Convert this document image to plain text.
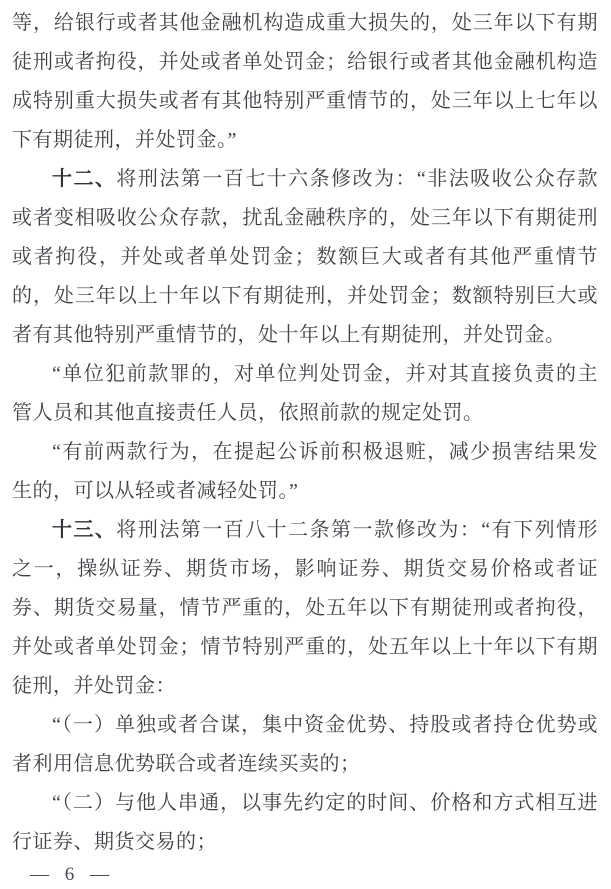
等，给银行或者其他金融机构造成重大损失的，处三年以下有期
徒刑或者拘役，并处或者单处罚金；给银行或者其他金融机构造
成特别重大损失或者有其他特别严重情节的，处三年以上七年以
下有期徒刑，并处罚金。”
十二、将刑法第一百七十六条修改为：“非法吸收公众存款
或者变相吸收公众存款，扰乱金融秩序的，处三年以下有期徒刑
或者拘役，并处或者单处罚金；数额巨大或者有其他严重情节
的，处三年以上十年以下有期徒刑，并处罚金；数额特别巨大或
者有其他特别严重情节的，处十年以上有期徒刑，并处罚金。
“单位犯前款罪的，对单位判处罚金，并对其直接负责的主
管人员和其他直接责任人员，依照前款的规定处罚。
“有前两款行为，在提起公诉前积极退赃，减少损害结果发
生的，可以从轻或者减轻处罚。”
十三、将刑法第一百八十二条第一款修改为：“有下列情形
之一，操纵证券、期货市场，影响证券、期货交易价格或者证
券、期货交易量，情节严重的，处五年以下有期徒刑或者拘役，
并处或者单处罚金；情节特别严重的，处五年以上十年以下有期
徒刑，并处罚金：
“（一）单独或者合谋，集中资金优势、持股或者持仓优势或
者利用信息优势联合或者连续买卖的；
“（二）与他人串通，以事先约定的时间、价格和方式相互进
行证券、期货交易的；
— 6 —
